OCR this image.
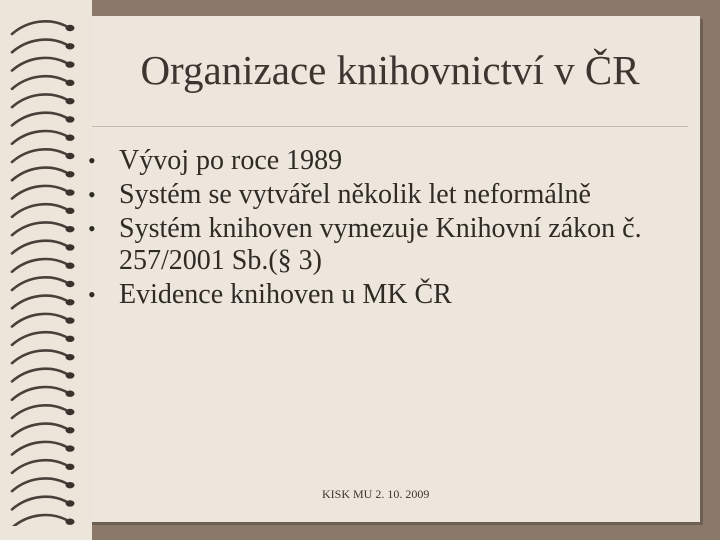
Organizace knihovnictví v ČR
• Vývoj po roce 1989
• Systém se vytvářel několik let neformálně
• Systém knihoven vymezuje Knihovní zákon č. 257/2001 Sb.(§ 3)
• Evidence knihoven u MK ČR
KISK MU 2. 10. 2009
